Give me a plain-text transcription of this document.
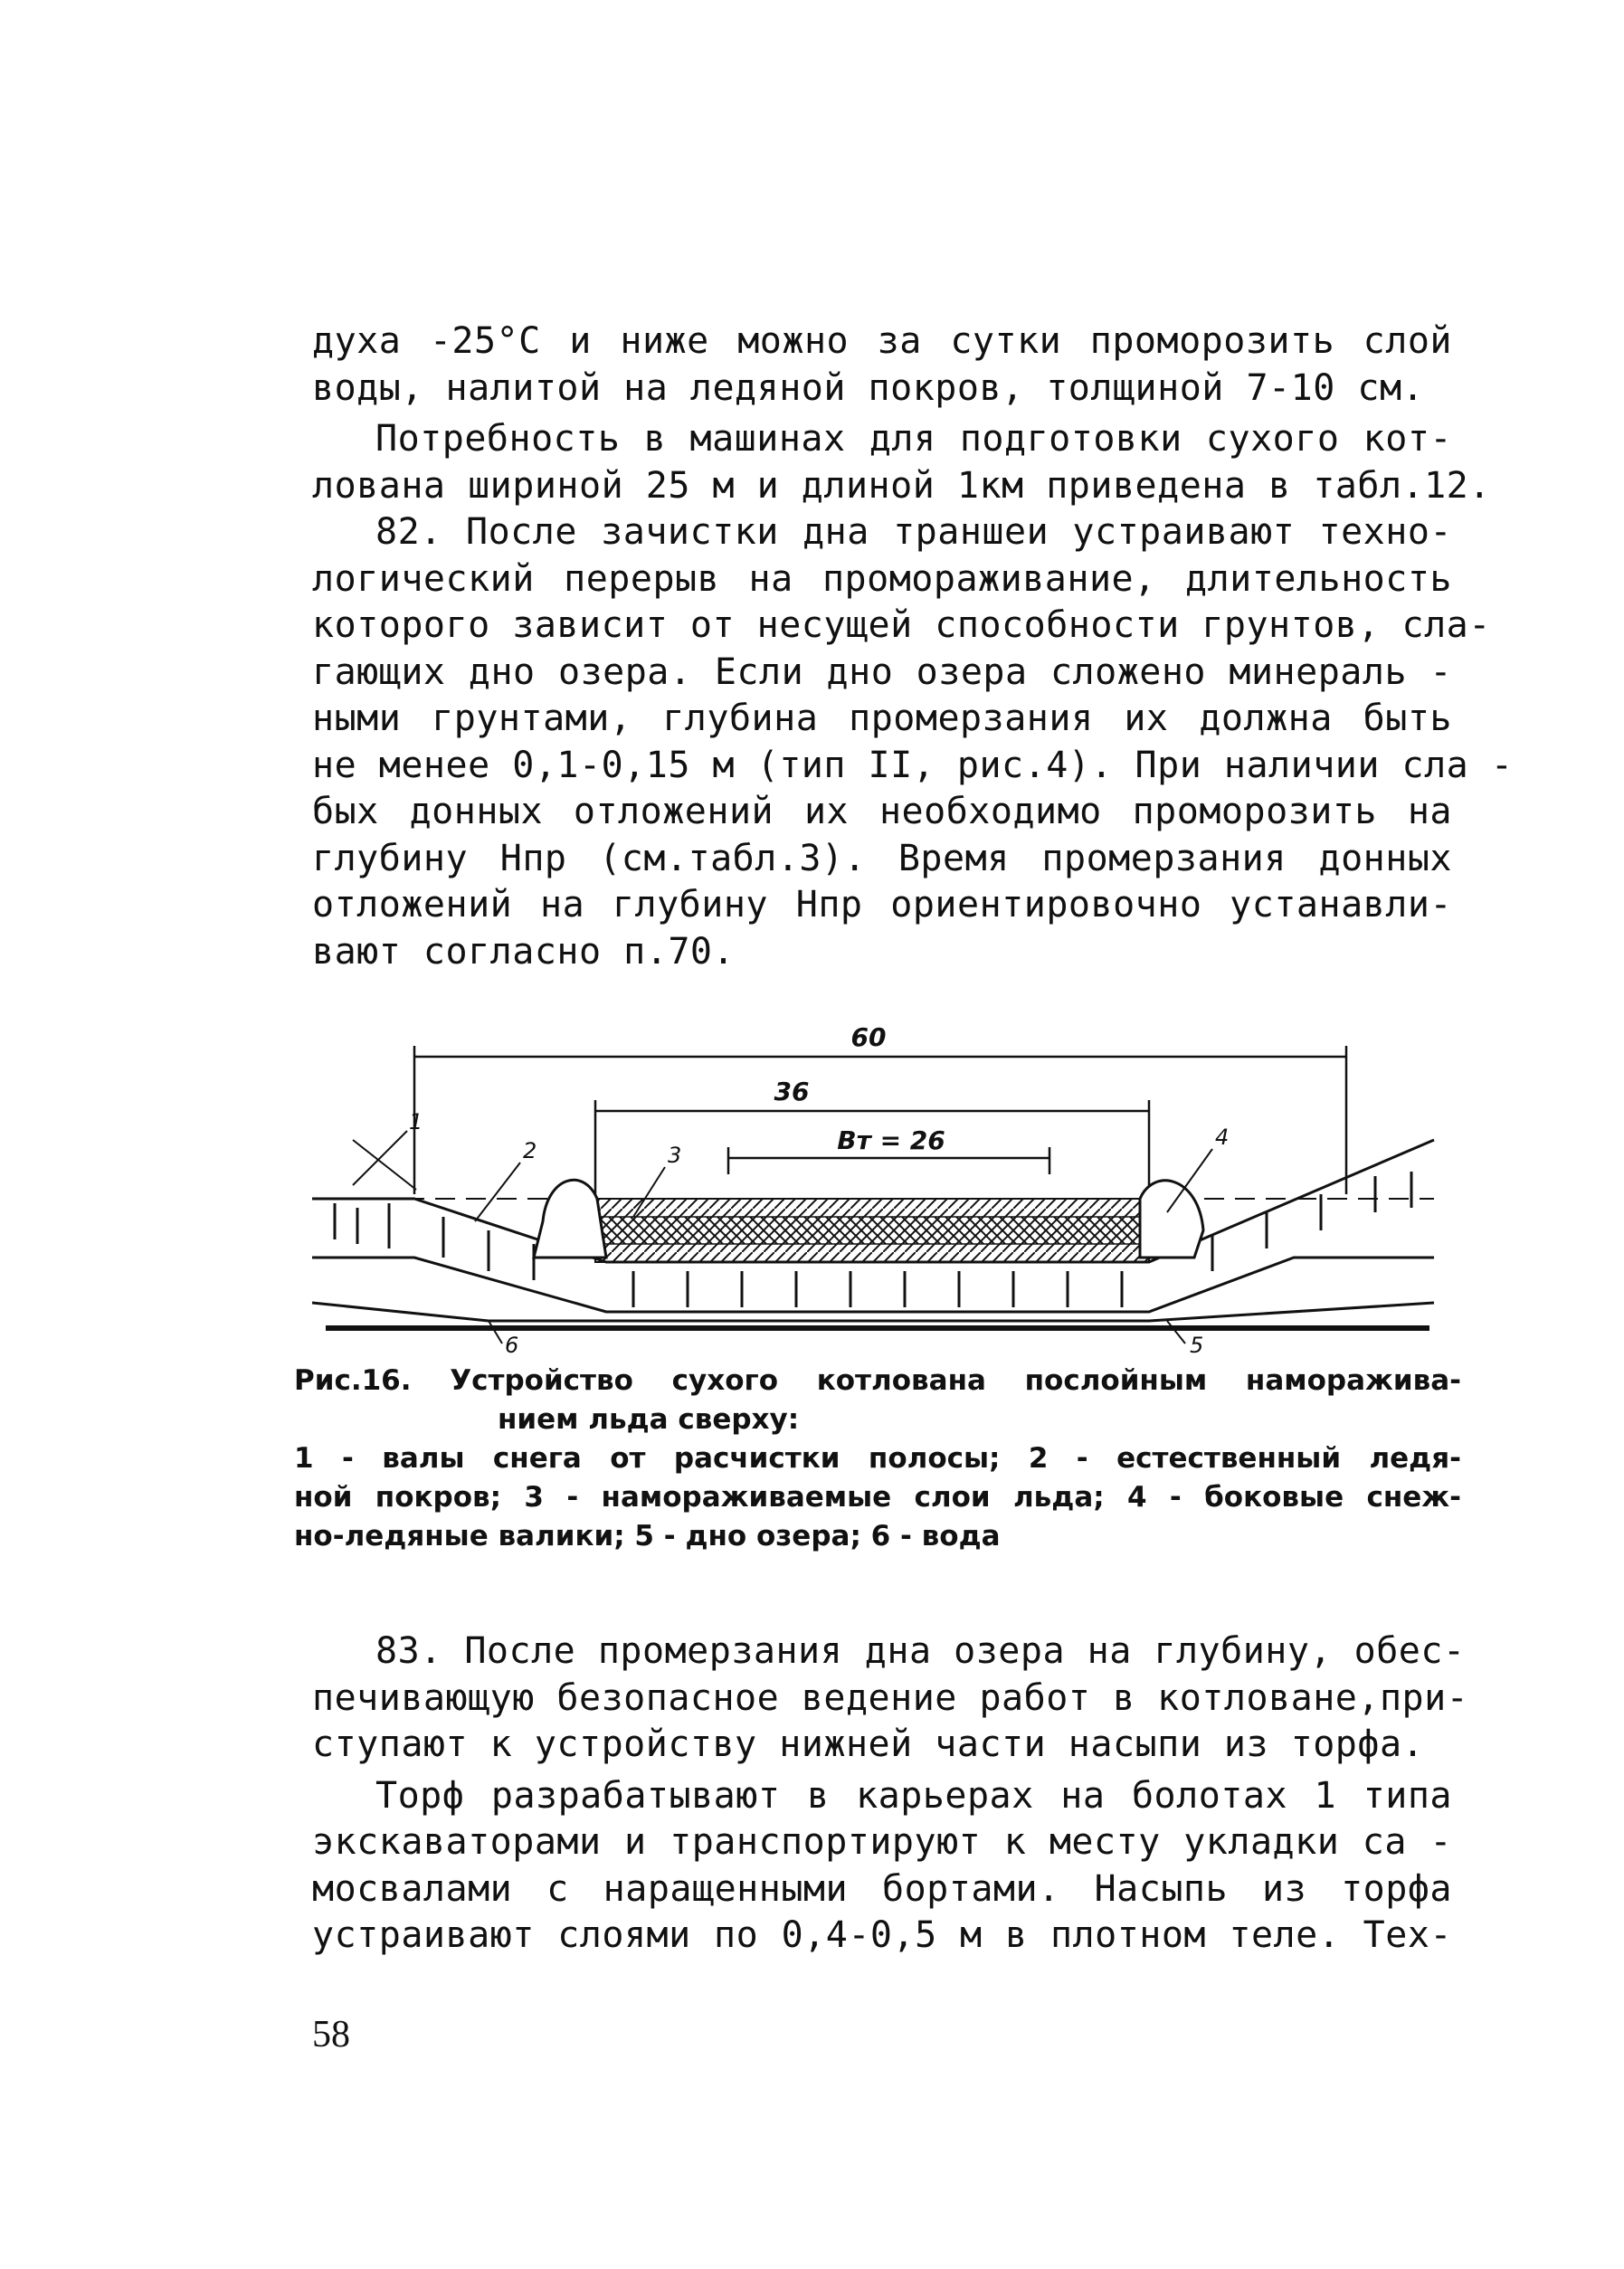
духа -25°С и ниже можно за сутки проморозить слой
воды, налитой на ледяной покров, толщиной 7-10 см.
Потребность в машинах для подготовки сухого кот-
лована шириной 25 м и длиной 1км приведена в табл.12.
82. После зачистки дна траншеи устраивают техно-
логический перерыв на промораживание, длительность
которого зависит от несущей способности грунтов, сла-
гающих дно озера. Если дно озера сложено минераль -
ными грунтами, глубина промерзания их должна быть
не менее 0,1-0,15 м (тип II, рис.4). При наличии сла -
бых донных отложений их необходимо проморозить на
глубину Hпр (см.табл.3). Время промерзания донных
отложений на глубину Hпр ориентировочно устанавли-
вают согласно п.70.
60
36
Bт = 26
1
2	3
4
5
6
Рис.16. Устройство сухого котлована послойным наморажива-
нием льда сверху:
1 - валы снега от расчистки полосы; 2 - естественный ледя-
ной покров; 3 - намораживаемые слои льда; 4 - боковые снеж-
но-ледяные валики; 5 - дно озера; 6 - вода
83. После промерзания дна озера на глубину, обес-
печивающую безопасное ведение работ в котловане,при-
ступают к устройству нижней части насыпи из торфа.
Торф разрабатывают в карьерах на болотах 1 типа
экскаваторами и транспортируют к месту укладки са -
мосвалами с наращенными бортами. Насыпь из торфа
устраивают слоями по 0,4-0,5 м в плотном теле. Тех-
58
